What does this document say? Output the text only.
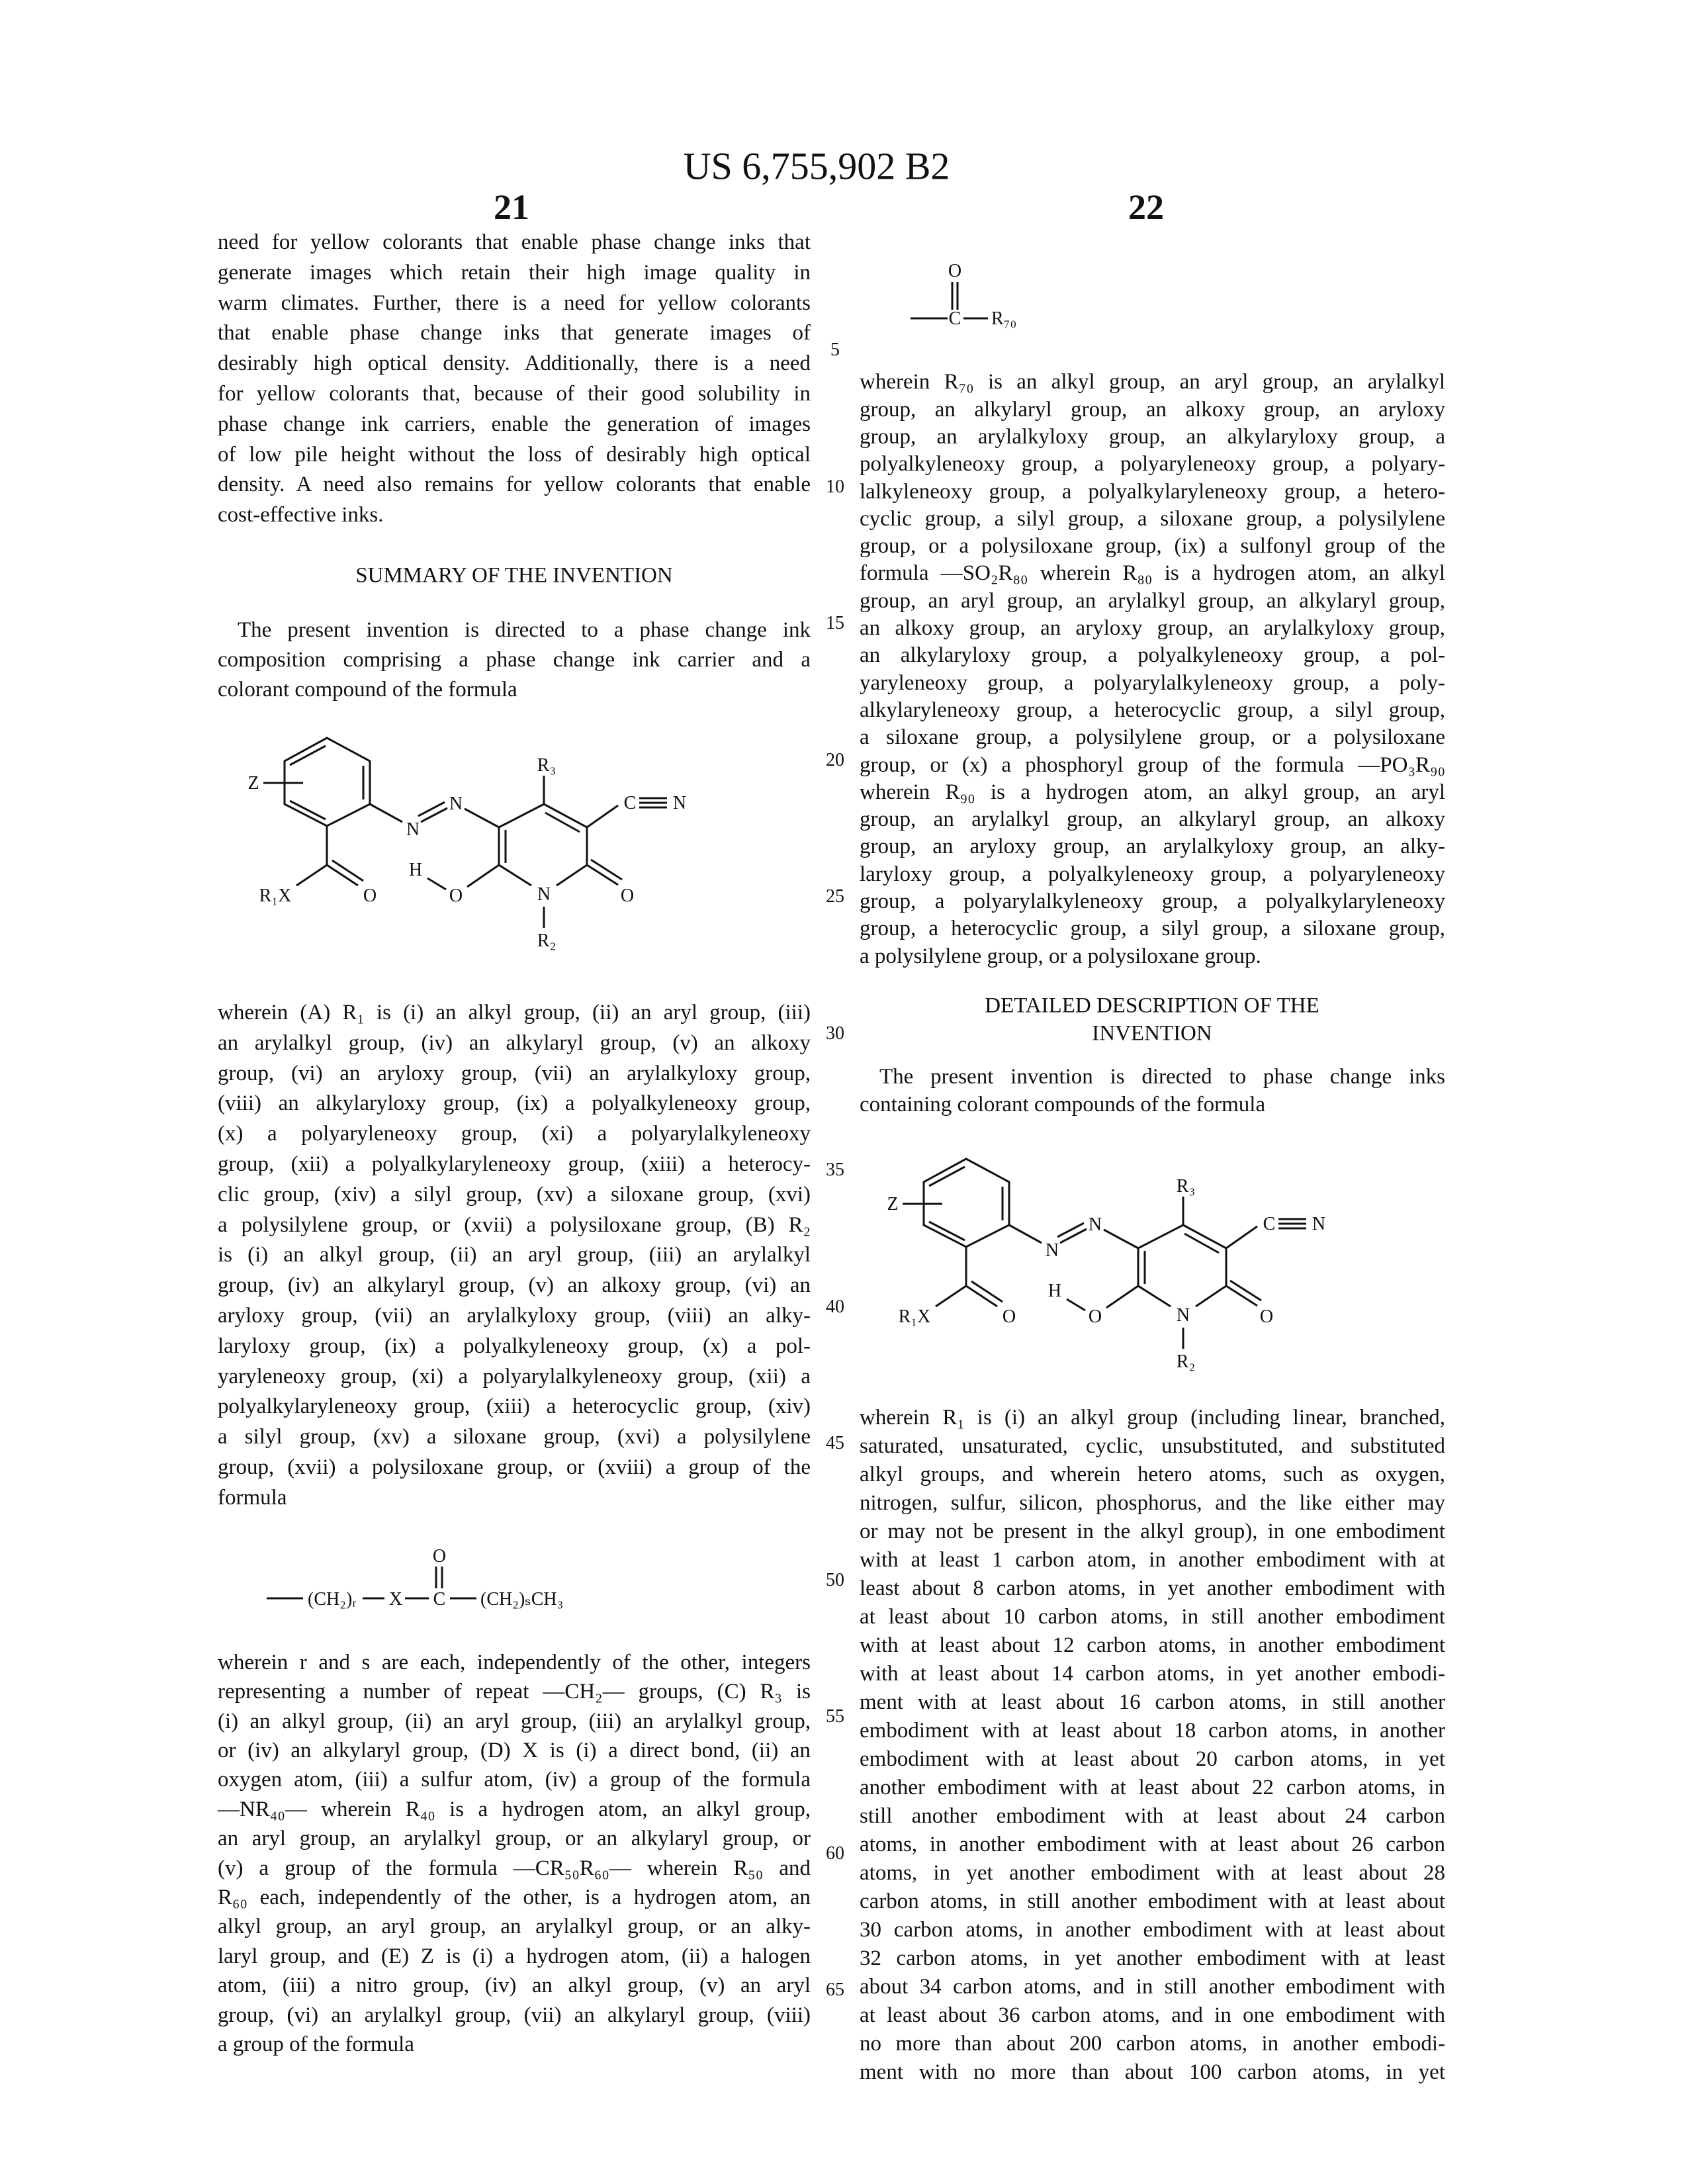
US 6,755,902 B2
21	22
5
10
15
20
25
30
35
40
45
50
55
60
65
need for yellow colorants that enable phase change inks that
generate images which retain their high image quality in
warm climates. Further, there is a need for yellow colorants
that enable phase change inks that generate images of
desirably high optical density. Additionally, there is a need
for yellow colorants that, because of their good solubility in
phase change ink carriers, enable the generation of images
of low pile height without the loss of desirably high optical
density. A need also remains for yellow colorants that enable
cost-effective inks.
SUMMARY OF THE INVENTION
The present invention is directed to a phase change ink
composition comprising a phase change ink carrier and a
colorant compound of the formula
Z
N
N
R₃
C N
O
O
H
N
R₂
R₁X	O
wherein (A) R₁ is (i) an alkyl group, (ii) an aryl group, (iii)
an arylalkyl group, (iv) an alkylaryl group, (v) an alkoxy
group, (vi) an aryloxy group, (vii) an arylalkyloxy group,
(viii) an alkylaryloxy group, (ix) a polyalkyleneoxy group,
(x) a polyaryleneoxy group, (xi) a polyarylalkyleneoxy
group, (xii) a polyalkylaryleneoxy group, (xiii) a heterocy-
clic group, (xiv) a silyl group, (xv) a siloxane group, (xvi)
a polysilylene group, or (xvii) a polysiloxane group, (B) R₂
is (i) an alkyl group, (ii) an aryl group, (iii) an arylalkyl
group, (iv) an alkylaryl group, (v) an alkoxy group, (vi) an
aryloxy group, (vii) an arylalkyloxy group, (viii) an alky-
laryloxy group, (ix) a polyalkyleneoxy group, (x) a pol-
yaryleneoxy group, (xi) a polyarylalkyleneoxy group, (xii) a
polyalkylaryleneoxy group, (xiii) a heterocyclic group, (xiv)
a silyl group, (xv) a siloxane group, (xvi) a polysilylene
group, (xvii) a polysiloxane group, or (xviii) a group of the
formula
(CH₂)ᵣ X C
O
(CH₂)ₛCH₃
wherein r and s are each, independently of the other, integers
representing a number of repeat —CH₂— groups, (C) R₃ is
(i) an alkyl group, (ii) an aryl group, (iii) an arylalkyl group,
or (iv) an alkylaryl group, (D) X is (i) a direct bond, (ii) an
oxygen atom, (iii) a sulfur atom, (iv) a group of the formula
—NR₄₀— wherein R₄₀ is a hydrogen atom, an alkyl group,
an aryl group, an arylalkyl group, or an alkylaryl group, or
(v) a group of the formula —CR₅₀R₆₀— wherein R₅₀ and
R₆₀ each, independently of the other, is a hydrogen atom, an
alkyl group, an aryl group, an arylalkyl group, or an alky-
laryl group, and (E) Z is (i) a hydrogen atom, (ii) a halogen
atom, (iii) a nitro group, (iv) an alkyl group, (v) an aryl
group, (vi) an arylalkyl group, (vii) an alkylaryl group, (viii)
a group of the formula
O
C R₇₀
wherein R₇₀ is an alkyl group, an aryl group, an arylalkyl
group, an alkylaryl group, an alkoxy group, an aryloxy
group, an arylalkyloxy group, an alkylaryloxy group, a
polyalkyleneoxy group, a polyaryleneoxy group, a polyary-
lalkyleneoxy group, a polyalkylaryleneoxy group, a hetero-
cyclic group, a silyl group, a siloxane group, a polysilylene
group, or a polysiloxane group, (ix) a sulfonyl group of the
formula —SO₂R₈₀ wherein R₈₀ is a hydrogen atom, an alkyl
group, an aryl group, an arylalkyl group, an alkylaryl group,
an alkoxy group, an aryloxy group, an arylalkyloxy group,
an alkylaryloxy group, a polyalkyleneoxy group, a pol-
yaryleneoxy group, a polyarylalkyleneoxy group, a poly-
alkylaryleneoxy group, a heterocyclic group, a silyl group,
a siloxane group, a polysilylene group, or a polysiloxane
group, or (x) a phosphoryl group of the formula —PO₃R₉₀
wherein R₉₀ is a hydrogen atom, an alkyl group, an aryl
group, an arylalkyl group, an alkylaryl group, an alkoxy
group, an aryloxy group, an arylalkyloxy group, an alky-
laryloxy group, a polyalkyleneoxy group, a polyaryleneoxy
group, a polyarylalkyleneoxy group, a polyalkylaryleneoxy
group, a heterocyclic group, a silyl group, a siloxane group,
a polysilylene group, or a polysiloxane group.
DETAILED DESCRIPTION OF THE
INVENTION
The present invention is directed to phase change inks
containing colorant compounds of the formula
Z
N
N
R₃
C N
O
O
H
N
R₂
R₁X	O
wherein R₁ is (i) an alkyl group (including linear, branched,
saturated, unsaturated, cyclic, unsubstituted, and substituted
alkyl groups, and wherein hetero atoms, such as oxygen,
nitrogen, sulfur, silicon, phosphorus, and the like either may
or may not be present in the alkyl group), in one embodiment
with at least 1 carbon atom, in another embodiment with at
least about 8 carbon atoms, in yet another embodiment with
at least about 10 carbon atoms, in still another embodiment
with at least about 12 carbon atoms, in another embodiment
with at least about 14 carbon atoms, in yet another embodi-
ment with at least about 16 carbon atoms, in still another
embodiment with at least about 18 carbon atoms, in another
embodiment with at least about 20 carbon atoms, in yet
another embodiment with at least about 22 carbon atoms, in
still another embodiment with at least about 24 carbon
atoms, in another embodiment with at least about 26 carbon
atoms, in yet another embodiment with at least about 28
carbon atoms, in still another embodiment with at least about
30 carbon atoms, in another embodiment with at least about
32 carbon atoms, in yet another embodiment with at least
about 34 carbon atoms, and in still another embodiment with
at least about 36 carbon atoms, and in one embodiment with
no more than about 200 carbon atoms, in another embodi-
ment with no more than about 100 carbon atoms, in yet
